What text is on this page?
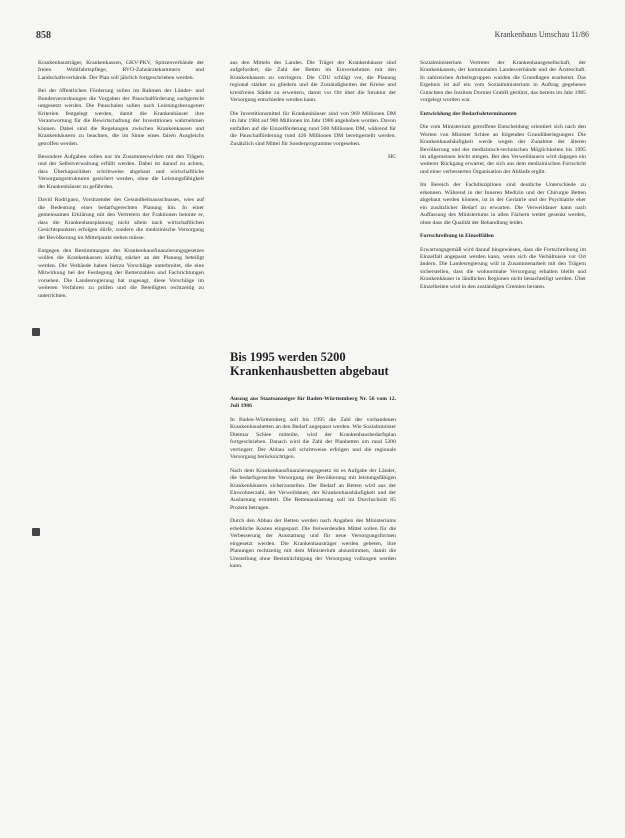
858	Krankenhaus Umschau 11/86

Krankenhausträger, Krankenkassen, GKV-PKV, Spitzenverbände der freien Wohlfahrtspflege, RVO-Zahnärztekammern und Landschaftsverbände. Der Plan soll jährlich fortgeschrieben werden.

Bei der öffentlichen Förderung sollen im Rahmen der Länder- und Bundesverordnungen die Vorgaben der Pauschalförderung sachgerecht umgesetzt werden. Die Pauschalen sollen nach Leistungsbezogenen Kriterien festgelegt werden, damit die Krankenhäuser ihre Verantwortung für die Bewirtschaftung der Investitionen wahrnehmen können. Dabei sind die Regelungen zwischen Krankenkassen und Krankenhäusern zu beachten, die im Sinne eines fairen Ausgleichs getroffen werden.

Besondere Aufgaben sollen nur im Zusammenwirken mit den Trägern und der Selbstverwaltung erfüllt werden. Dabei ist darauf zu achten, dass Überkapazitäten schrittweise abgebaut und wirtschaftliche Versorgungsstrukturen gesichert werden, ohne die Leistungsfähigkeit der Krankenhäuser zu gefährden.

David Rodriguez, Vorsitzender des Gesundheitsausschusses, wies auf die Bedeutung einer bedarfsgerechten Planung hin. In einer gemeinsamen Erklärung mit den Vertretern der Fraktionen betonte er, dass die Krankenhausplanung nicht allein nach wirtschaftlichen Gesichtspunkten erfolgen dürfe, sondern die medizinische Versorgung der Bevölkerung im Mittelpunkt stehen müsse.

Entgegen den Bestimmungen des Krankenhausfinanzierungsgesetzes wollen die Krankenkassen künftig stärker an der Planung beteiligt werden. Die Verbände haben hierzu Vorschläge unterbreitet, die eine Mitwirkung bei der Festlegung der Bettenzahlen und Fachrichtungen vorsehen. Die Landesregierung hat zugesagt, diese Vorschläge im weiteren Verfahren zu prüfen und die Beteiligten rechtzeitig zu unterrichten.

aus den Mitteln des Landes. Die Träger der Krankenhäuser sind aufgefordert, die Zahl der Betten im Einvernehmen mit den Krankenkassen zu verringern. Die CDU schlägt vor, die Planung regional stärker zu gliedern und die Zuständigkeiten der Kreise und kreisfreien Städte zu erweitern, damit vor Ort über die Struktur der Versorgung entschieden werden kann.

Die Investitionsmittel für Krankenhäuser sind von 969 Millionen DM im Jahr 1984 auf 986 Millionen im Jahr 1986 angehoben worden. Davon entfallen auf die Einzelförderung rund 560 Millionen DM, während für die Pauschalförderung rund 426 Millionen DM bereitgestellt werden. Zusätzlich sind Mittel für Sonderprogramme vorgesehen.

HC

Bis 1995 werden 5200 Krankenhausbetten abgebaut

Auszug aus Staatsanzeiger für Baden-Württemberg Nr. 56 vom 12. Juli 1986

In Baden-Württemberg soll bis 1995 die Zahl der vorhandenen Krankenhausbetten an den Bedarf angepasst werden. Wie Sozialminister Dietmar Schlee mitteilte, wird der Krankenhausbedarfsplan fortgeschrieben. Danach wird die Zahl der Planbetten um rund 5200 verringert. Der Abbau soll schrittweise erfolgen und die regionale Versorgung berücksichtigen.

Nach dem Krankenhausfinanzierungsgesetz ist es Aufgabe der Länder, die bedarfsgerechte Versorgung der Bevölkerung mit leistungsfähigen Krankenhäusern sicherzustellen. Der Bedarf an Betten wird aus der Einwohnerzahl, der Verweildauer, der Krankenhaushäufigkeit und der Auslastung ermittelt. Die Bettenauslastung soll im Durchschnitt 85 Prozent betragen.

Durch den Abbau der Betten werden nach Angaben des Ministeriums erhebliche Kosten eingespart. Die freiwerdenden Mittel sollen für die Verbesserung der Ausstattung und für neue Versorgungsformen eingesetzt werden. Die Krankenhausträger werden gebeten, ihre Planungen rechtzeitig mit dem Ministerium abzustimmen, damit die Umstellung ohne Beeinträchtigung der Versorgung vollzogen werden kann.

Sozialministerium Vertreter der Krankenhausgesellschaft, der Krankenkassen, der kommunalen Landesverbände und der Ärzteschaft. In zahlreichen Arbeitsgruppen wurden die Grundlagen erarbeitet. Das Ergebnis ist auf ein vom Sozialministerium in Auftrag gegebenes Gutachten des Instituts Dornier GmbH gestützt, das bereits im Jahr 1985 vorgelegt worden war.

Entwicklung der Bedarfsdeterminanten

Die vom Ministerium getroffene Entscheidung orientiert sich nach den Worten von Minister Schlee an folgenden Grundüberlegungen: Die Krankenhaushäufigkeit werde wegen der Zunahme der älteren Bevölkerung und der medizinisch-technischen Möglichkeiten bis 1995 im allgemeinen leicht steigen. Bei den Verweildauern wird dagegen ein weiterer Rückgang erwartet, der sich aus dem medizinischen Fortschritt und einer verbesserten Organisation der Abläufe ergibt.

Im Bereich der Fachdisziplinen sind deutliche Unterschiede zu erkennen. Während in der Inneren Medizin und der Chirurgie Betten abgebaut werden können, ist in der Geriatrie und der Psychiatrie eher ein zusätzlicher Bedarf zu erwarten. Die Verweildauer kann nach Auffassung des Ministeriums in allen Fächern weiter gesenkt werden, ohne dass die Qualität der Behandlung leidet.

Fortschreibung in Einzelfällen

Erwartungsgemäß wird darauf hingewiesen, dass die Fortschreibung im Einzelfall angepasst werden kann, wenn sich die Verhältnisse vor Ort ändern. Die Landesregierung will in Zusammenarbeit mit den Trägern sicherstellen, dass die wohnortnahe Versorgung erhalten bleibt und Krankenhäuser in ländlichen Regionen nicht benachteiligt werden. Über Einzelheiten wird in den zuständigen Gremien beraten.
